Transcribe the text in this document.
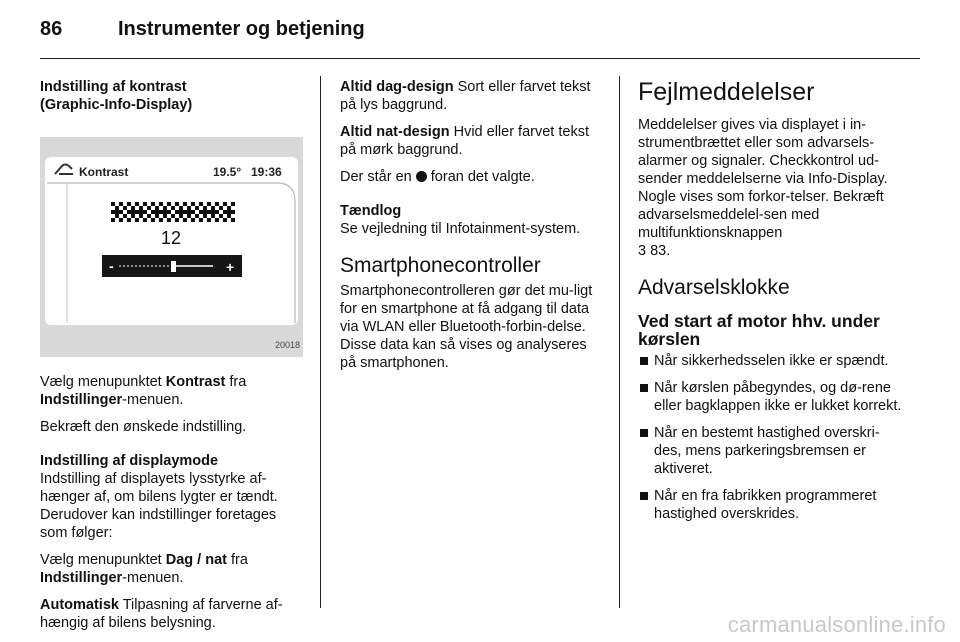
86	Instrumenter og betjening
Indstilling af kontrast
(Graphic-Info-Display)
Kontrast	19.5° 19:36
12
-	+
20018

Vælg menupunktet Kontrast fra
Indstillinger-menuen.

Bekræft den ønskede indstilling.

Indstilling af displaymode

Indstilling af displayets lysstyrke af-hænger af, om bilens lygter er tændt. Derudover kan indstillinger foretages som følger:

Vælg menupunktet Dag / nat fra
Indstillinger-menuen.

Automatisk Tilpasning af farverne af-hængig af bilens belysning.

Altid dag-design Sort eller farvet tekst på lys baggrund.

Altid nat-design Hvid eller farvet tekst på mørk baggrund.

Der står en  foran det valgte.

Tændlog

Se vejledning til Infotainment-system.

Smartphonecontroller

Smartphonecontrolleren gør det mu-ligt for en smartphone at få adgang til data via WLAN eller Bluetooth-forbin-delse. Disse data kan så vises og analyseres på smartphonen.

Fejlmeddelelser

Meddelelser gives via displayet i in-strumentbrættet eller som advarsels-alarmer og signaler. Checkkontrol ud-sender meddelelserne via Info-Display. Nogle vises som forkor-telser. Bekræft advarselsmeddelel-sen med multifunktionsknappen
3 83.

Advarselsklokke
Ved start af motor hhv. under kørslen
Når sikkerhedsselen ikke er spændt.
Når kørslen påbegyndes, og dø-rene eller bagklappen ikke er lukket korrekt.
Når en bestemt hastighed overskri-des, mens parkeringsbremsen er aktiveret.
Når en fra fabrikken programmeret hastighed overskrides.
carmanualsonline.info
